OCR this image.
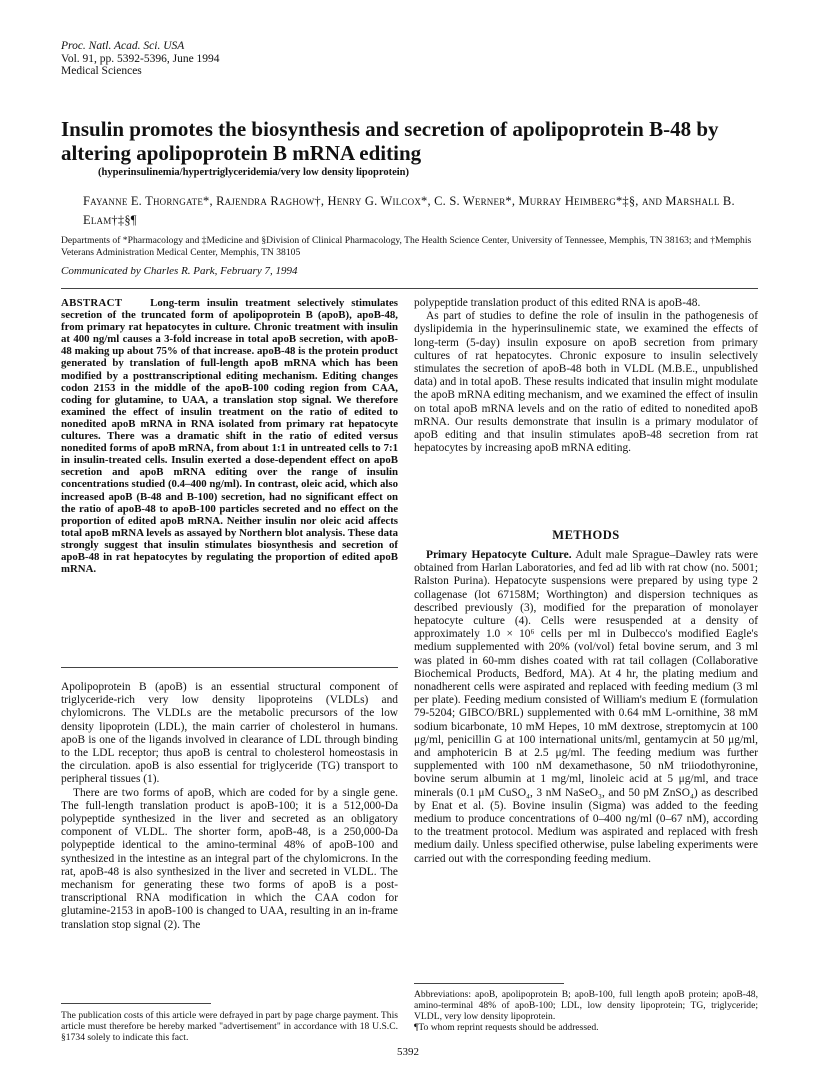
Proc. Natl. Acad. Sci. USA
Vol. 91, pp. 5392-5396, June 1994
Medical Sciences
Insulin promotes the biosynthesis and secretion of apolipoprotein B-48 by altering apolipoprotein B mRNA editing
(hyperinsulinemia/hypertriglyceridemia/very low density lipoprotein)
Fayanne E. Thorngate*, Rajendra Raghow†, Henry G. Wilcox*, C. S. Werner*, Murray Heimberg*‡§, and Marshall B. Elam†‡§¶
Departments of *Pharmacology and ‡Medicine and §Division of Clinical Pharmacology, The Health Science Center, University of Tennessee, Memphis, TN 38163; and †Memphis Veterans Administration Medical Center, Memphis, TN 38105
Communicated by Charles R. Park, February 7, 1994
ABSTRACT	Long-term insulin treatment selectively stimulates secretion of the truncated form of apolipoprotein B (apoB), apoB-48, from primary rat hepatocytes in culture. Chronic treatment with insulin at 400 ng/ml causes a 3-fold increase in total apoB secretion, with apoB-48 making up about 75% of that increase. apoB-48 is the protein product generated by translation of full-length apoB mRNA which has been modified by a posttranscriptional editing mechanism. Editing changes codon 2153 in the middle of the apoB-100 coding region from CAA, coding for glutamine, to UAA, a translation stop signal. We therefore examined the effect of insulin treatment on the ratio of edited to nonedited apoB mRNA in RNA isolated from primary rat hepatocyte cultures. There was a dramatic shift in the ratio of edited versus nonedited forms of apoB mRNA, from about 1:1 in untreated cells to 7:1 in insulin-treated cells. Insulin exerted a dose-dependent effect on apoB secretion and apoB mRNA editing over the range of insulin concentrations studied (0.4–400 ng/ml). In contrast, oleic acid, which also increased apoB (B-48 and B-100) secretion, had no significant effect on the ratio of apoB-48 to apoB-100 particles secreted and no effect on the proportion of edited apoB mRNA. Neither insulin nor oleic acid affects total apoB mRNA levels as assayed by Northern blot analysis. These data strongly suggest that insulin stimulates biosynthesis and secretion of apoB-48 in rat hepatocytes by regulating the proportion of edited apoB mRNA.

Apolipoprotein B (apoB) is an essential structural component of triglyceride-rich very low density lipoproteins (VLDLs) and chylomicrons. The VLDLs are the metabolic precursors of the low density lipoprotein (LDL), the main carrier of cholesterol in humans. apoB is one of the ligands involved in clearance of LDL through binding to the LDL receptor; thus apoB is central to cholesterol homeostasis in the circulation. apoB is also essential for triglyceride (TG) transport to peripheral tissues (1).

There are two forms of apoB, which are coded for by a single gene. The full-length translation product is apoB-100; it is a 512,000-Da polypeptide synthesized in the liver and secreted as an obligatory component of VLDL. The shorter form, apoB-48, is a 250,000-Da polypeptide identical to the amino-terminal 48% of apoB-100 and synthesized in the intestine as an integral part of the chylomicrons. In the rat, apoB-48 is also synthesized in the liver and secreted in VLDL. The mechanism for generating these two forms of apoB is a post-transcriptional RNA modification in which the CAA codon for glutamine-2153 in apoB-100 is changed to UAA, resulting in an in-frame translation stop signal (2). The

polypeptide translation product of this edited RNA is apoB-48.

As part of studies to define the role of insulin in the pathogenesis of dyslipidemia in the hyperinsulinemic state, we examined the effects of long-term (5-day) insulin exposure on apoB secretion from primary cultures of rat hepatocytes. Chronic exposure to insulin selectively stimulates the secretion of apoB-48 both in VLDL (M.B.E., unpublished data) and in total apoB. These results indicated that insulin might modulate the apoB mRNA editing mechanism, and we examined the effect of insulin on total apoB mRNA levels and on the ratio of edited to nonedited apoB mRNA. Our results demonstrate that insulin is a primary modulator of apoB editing and that insulin stimulates apoB-48 secretion from rat hepatocytes by increasing apoB mRNA editing.

METHODS

Primary Hepatocyte Culture. Adult male Sprague–Dawley rats were obtained from Harlan Laboratories, and fed ad lib with rat chow (no. 5001; Ralston Purina). Hepatocyte suspensions were prepared by using type 2 collagenase (lot 67158M; Worthington) and dispersion techniques as described previously (3), modified for the preparation of monolayer hepatocyte culture (4). Cells were resuspended at a density of approximately 1.0 × 10⁶ cells per ml in Dulbecco's modified Eagle's medium supplemented with 20% (vol/vol) fetal bovine serum, and 3 ml was plated in 60-mm dishes coated with rat tail collagen (Collaborative Biochemical Products, Bedford, MA). At 4 hr, the plating medium and nonadherent cells were aspirated and replaced with feeding medium (3 ml per plate). Feeding medium consisted of William's medium E (formulation 79-5204; GIBCO/BRL) supplemented with 0.64 mM L-ornithine, 38 mM sodium bicarbonate, 10 mM Hepes, 10 mM dextrose, streptomycin at 100 μg/ml, penicillin G at 100 international units/ml, gentamycin at 50 μg/ml, and amphotericin B at 2.5 μg/ml. The feeding medium was further supplemented with 100 nM dexamethasone, 50 nM triiodothyronine, bovine serum albumin at 1 mg/ml, linoleic acid at 5 μg/ml, and trace minerals (0.1 μM CuSO₄, 3 nM NaSeO₃, and 50 pM ZnSO₄) as described by Enat et al. (5). Bovine insulin (Sigma) was added to the feeding medium to produce concentrations of 0–400 ng/ml (0–67 nM), according to the treatment protocol. Medium was aspirated and replaced with fresh medium daily. Unless specified otherwise, pulse labeling experiments were carried out with the corresponding feeding medium.

The publication costs of this article were defrayed in part by page charge payment. This article must therefore be hereby marked "advertisement" in accordance with 18 U.S.C. §1734 solely to indicate this fact.
Abbreviations: apoB, apolipoprotein B; apoB-100, full length apoB protein; apoB-48, amino-terminal 48% of apoB-100; LDL, low density lipoprotein; TG, triglyceride; VLDL, very low density lipoprotein.
¶To whom reprint requests should be addressed.
5392
